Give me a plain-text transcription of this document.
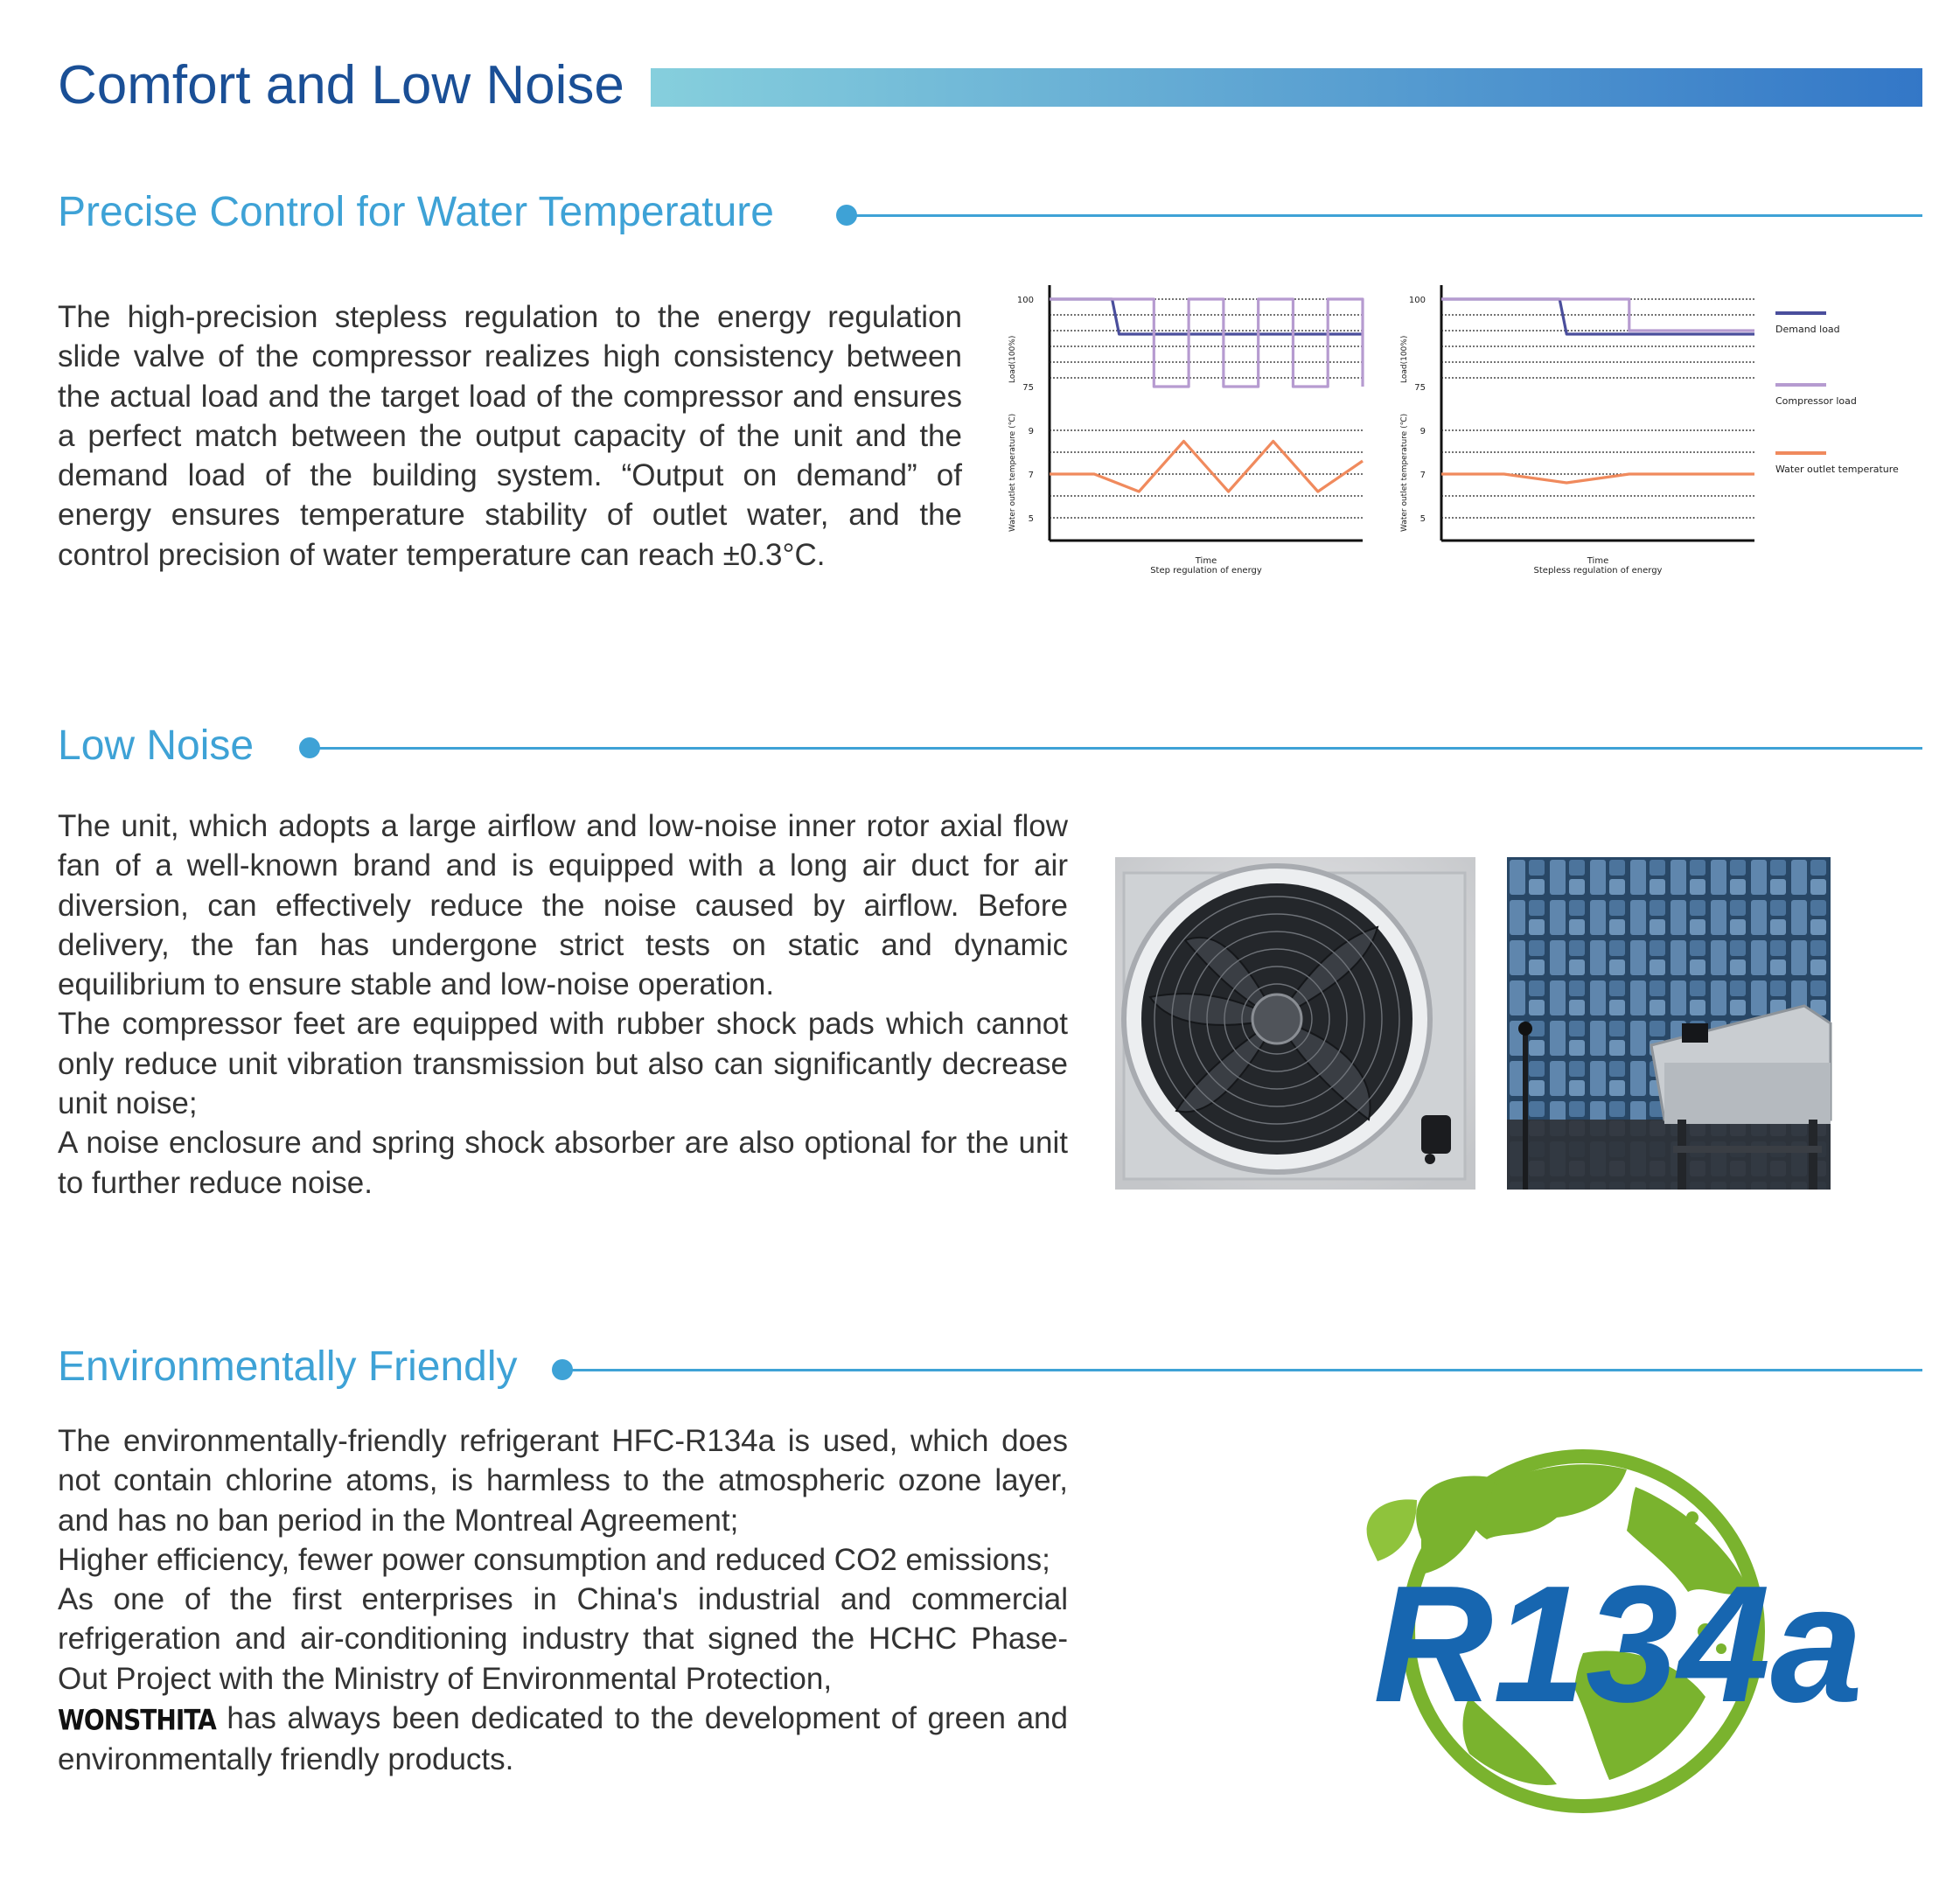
Comfort and Low Noise
Precise Control for Water Temperature

The high-precision stepless regulation to the energy regulation slide valve of the compressor realizes high consistency between the actual load and the target load of the compressor and ensures a perfect match between the output capacity of the unit and the demand load of the building system. “Output on demand” of energy ensures temperature stability of outlet water, and the control precision of water temperature can reach ±0.3°C.

100
75
9
7
5
Load(100%)
Water outlet temperature (℃)
Time
Step regulation of energy
100
75
9
7
5
Load(100%)
Water outlet temperature (℃)
Time
Stepless regulation of energy
Demand load
Compressor load
Water outlet temperature
Low Noise

The unit, which adopts a large airflow and low-noise inner rotor axial flow fan of a well-known brand and is equipped with a long air duct for air diversion, can effectively reduce the noise caused by airflow. Before delivery, the fan has undergone strict tests on static and dynamic equilibrium to ensure stable and low-noise operation.

The compressor feet are equipped with rubber shock pads which cannot only reduce unit vibration transmission but also can significantly decrease unit noise;

A noise enclosure and spring shock absorber are also optional for the unit to further reduce noise.

Environmentally Friendly

The environmentally-friendly refrigerant HFC-R134a is used, which does not contain chlorine atoms, is harmless to the atmospheric ozone layer, and has no ban period in the Montreal Agreement;

Higher efficiency, fewer power consumption and reduced CO2 emissions;

As one of the first enterprises in China's industrial and commercial refrigeration and air-conditioning industry that signed the HCHC Phase-Out Project with the Ministry of Environmental Protection,
WONSTHITA has always been dedicated to the development of green and environmentally friendly products.

R134a
